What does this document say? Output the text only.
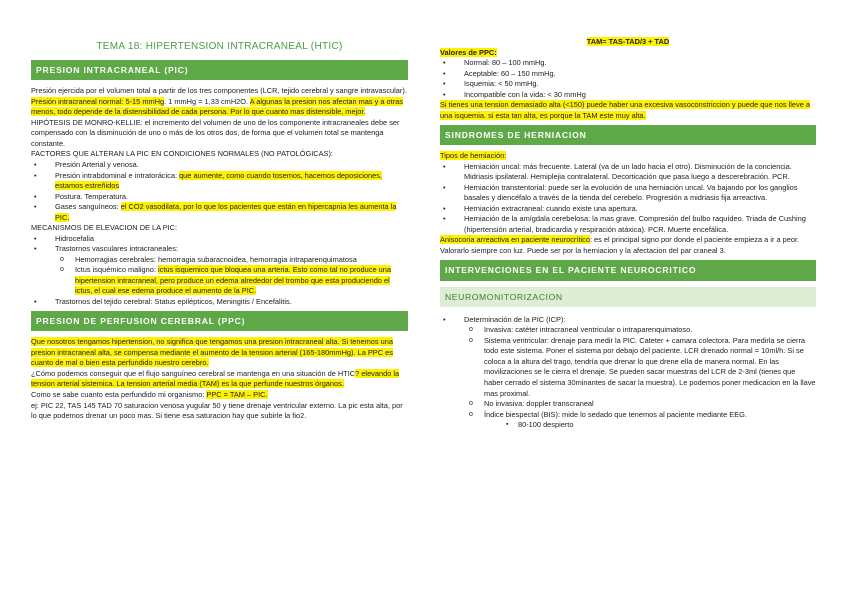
TEMA 18: HIPERTENSION INTRACRANEAL (HTIC)
PRESION INTRACRANEAL (PIC)

Presión ejercida por el volumen total a partir de los tres componentes (LCR, tejido cerebral y sangre intravascular). Presión intracraneal normal: 5-15 mmHg. 1 mmHg = 1,33 cmH2O. A algunas la presion nos afectan mas y a otras menos, todo depende de la distensibilidad de cada persona. Por lo que cuanto mas distensible, mejor.

HIPÓTESIS DE MONRO-KELLIE: el incremento del volumen de uno de los componente intracraneales debe ser compensado con la disminución de uno o más de los otros dos, de forma que el volumen total se mantenga constante.

FACTORES QUE ALTERAN LA PIC EN CONDICIONES NORMALES (NO PATOLÓGICAS):

• Presión Arterial y venosa.
• Presión intrabdominal e intratorácica: que aumente, como cuando tosemos, hacemos deposiciones, estamos estreñidos
• Postura. Temperatura.
• Gases sanguíneos: el CO2 vasodilata, por lo que los pacientes que están en hipercapnia les aumenta la PIC.

MECANISMOS DE ELEVACION DE LA PIC:

• Hidrocefalia
• Trastornos vasculares intracraneales:
o Hemorragias cerebrales: hemorragia subaracnoidea, hemorragia intraparenquimatosa
o Ictus isquémico maligno: ictus isquemico que bloquea una arteria. Esto como tal no produce una hipertension intracraneal, pero produce un edema alrededor del trombo que esta produciendo el ictus, el cual ese edema produce el aumento de la PIC.
• Trastornos del tejido cerebral: Status epilépticos, Meningitis / Encefalitis.
PRESION DE PERFUSION CEREBRAL (PPC)

Que nosotros tengamos hipertension, no significa que tengamos una presion intracraneal alta. Si tenemos una presion intracraneal alta, se compensa mediante el aumento de la tension arterial (165-180mmHg). La PPC es cuanto de mal o bien esta perfundido nuestro cerebro.

¿Cómo podemos conseguir que el flujo sanguíneo cerebral se mantenga en una situación de HTIC? elevando la tension arterial sistemica. La tension arterial media (TAM) es la que perfunde nuestros órganos.

Como se sabe cuanto esta perfundido mi organismo: PPC = TAM – PIC.

ej: PIC 22, TAS 145 TAD 70 saturacion venosa yugular 50 y tiene drenaje ventricular externo. La pic esta alta, por lo que podemos drenar un poco mas. Si tiene esa saturacion hay que subirle la fio2.

TAM= TAS-TAD/3 + TAD

Valores de PPC:

• Normal: 80 – 100 mmHg.
• Aceptable: 60 – 150 mmHg.
• Isquemia: < 50 mmHg.
• Incompatible con la vida: < 30 mmHg

Si tienes una tension demasiado alta (<150) puede haber una excesiva vasoconstriccion y puede que nos lleve a una isquemia. si esta tan alta, es porque la TAM este muy alta.

SINDROMES DE HERNIACION

Tipos de herniación:

• Herniación uncal: más frecuente. Lateral (va de un lado hacia el otro). Disminución de la conciencia. Midriasis ipsilateral. Hemiplejia contralateral. Decorticación que pasa luego a descerebración. PCR.
• Herniación transtentorial: puede ser la evolución de una herniación uncal. Va bajando por los ganglios basales y diencéfalo a través de la tienda del cerebelo. Progresión a midriasis fija arreactiva.
• Herniación extracraneal: cuando existe una apertura.
• Herniación de la amígdala cerebelosa: la mas grave. Compresión del bulbo raquídeo. Triada de Cushing (hipertensión arterial, bradicardia y respiración atáxica). PCR. Muerte encefálica.

Anisocoria arreactiva en paciente neurocrítico: es el principal signo por donde el paciente empieza a ir a peor. Valorarlo siempre con luz. Puede ser por la herniacion y la afectacion del par craneal 3.

INTERVENCIONES EN EL PACIENTE NEUROCRITICO
NEUROMONITORIZACION
• Determinación de la PIC (ICP):
o Invasiva: catéter intracraneal ventricular o intraparenquimatoso.
o Sistema ventricular: drenaje para medir la PIC. Cateter + camara colectora. Para medirla se cierra todo este sistema. Poner el sistema por debajo del paciente. LCR drenado normal = 10ml/h. Si se coloca a la altura del trago, tendría que drenar lo que drene ella de manera normal. En las movilizaciones se le cierra el drenaje. Se pueden sacar muestras del LCR de 2-3ml (tienes que haber cerrado el sistema 30minantes de sacar la muestra). Le podemos poner medicacion en la llave mas proximal.
o No invasiva: doppler transcraneal
o Índice biespectal (BIS): mide lo sedado que tenemos al paciente mediante EEG.
▪ 80-100 despierto
